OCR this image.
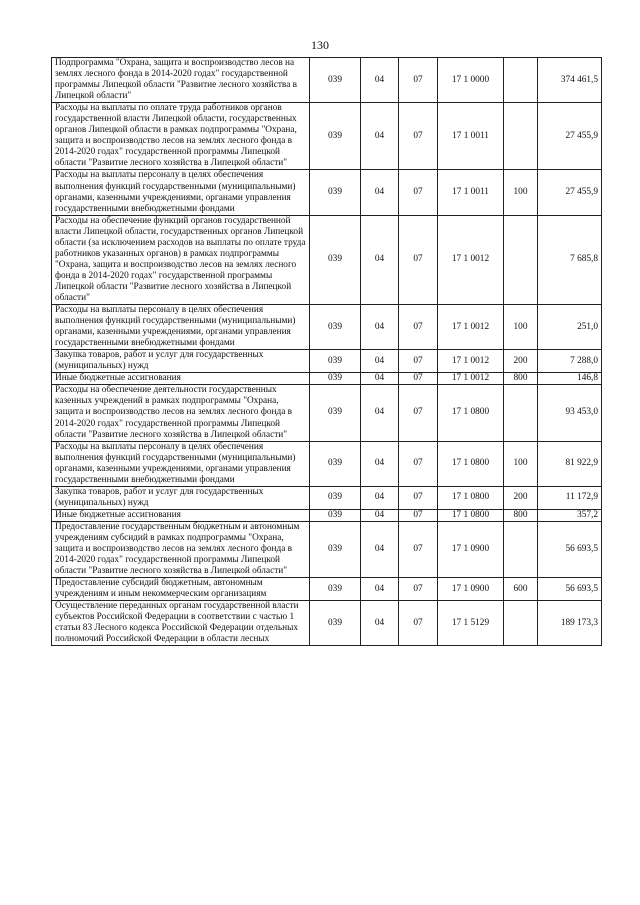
130
Подпрограмма "Охрана, защита и воспроизводство лесов на землях лесного фонда в 2014-2020 годах" государственной программы Липецкой области "Развитие лесного хозяйства в Липецкой области"	039	04	07	17 1 0000		374 461,5
Расходы на выплаты по оплате труда работников органов государственной власти Липецкой области, государственных органов Липецкой области в рамках подпрограммы "Охрана, защита и воспроизводство лесов на землях лесного фонда в 2014-2020 годах" государственной программы Липецкой области "Развитие лесного хозяйства в Липецкой области"	039	04	07	17 1 0011		27 455,9
Расходы на выплаты персоналу в целях обеспечения выполнения функций государственными (муниципальными) органами, казенными учреждениями, органами управления государственными внебюджетными фондами	039	04	07	17 1 0011	100	27 455,9
Расходы на обеспечение функций органов государственной власти Липецкой области, государственных органов Липецкой области (за исключением расходов на выплаты по оплате труда работников указанных органов) в рамках подпрограммы "Охрана, защита и воспроизводство лесов на землях лесного фонда в 2014-2020 годах" государственной программы Липецкой области "Развитие лесного хозяйства в Липецкой области"	039	04	07	17 1 0012		7 685,8
Расходы на выплаты персоналу в целях обеспечения выполнения функций государственными (муниципальными) органами, казенными учреждениями, органами управления государственными внебюджетными фондами	039	04	07	17 1 0012	100	251,0
Закупка товаров, работ и услуг для государственных (муниципальных) нужд	039	04	07	17 1 0012	200	7 288,0
Иные бюджетные ассигнования	039	04	07	17 1 0012	800	146,8
Расходы на обеспечение деятельности государственных казенных учреждений в рамках подпрограммы "Охрана, защита и воспроизводство лесов на землях лесного фонда в 2014-2020 годах" государственной программы Липецкой области "Развитие лесного хозяйства в Липецкой области"	039	04	07	17 1 0800		93 453,0
Расходы на выплаты персоналу в целях обеспечения выполнения функций государственными (муниципальными) органами, казенными учреждениями, органами управления государственными внебюджетными фондами	039	04	07	17 1 0800	100	81 922,9
Закупка товаров, работ и услуг для государственных (муниципальных) нужд	039	04	07	17 1 0800	200	11 172,9
Иные бюджетные ассигнования	039	04	07	17 1 0800	800	357,2
Предоставление государственным бюджетным и автономным учреждениям субсидий в рамках подпрограммы "Охрана, защита и воспроизводство лесов на землях лесного фонда в 2014-2020 годах" государственной программы Липецкой области "Развитие лесного хозяйства в Липецкой области"	039	04	07	17 1 0900		56 693,5
Предоставление субсидий бюджетным, автономным учреждениям и иным некоммерческим организациям	039	04	07	17 1 0900	600	56 693,5
Осуществление переданных органам государственной власти субъектов Российской Федерации в соответствии с частью 1 статьи 83 Лесного кодекса Российской Федерации отдельных полномочий Российской Федерации в области лесных	039	04	07	17 1 5129		189 173,3
